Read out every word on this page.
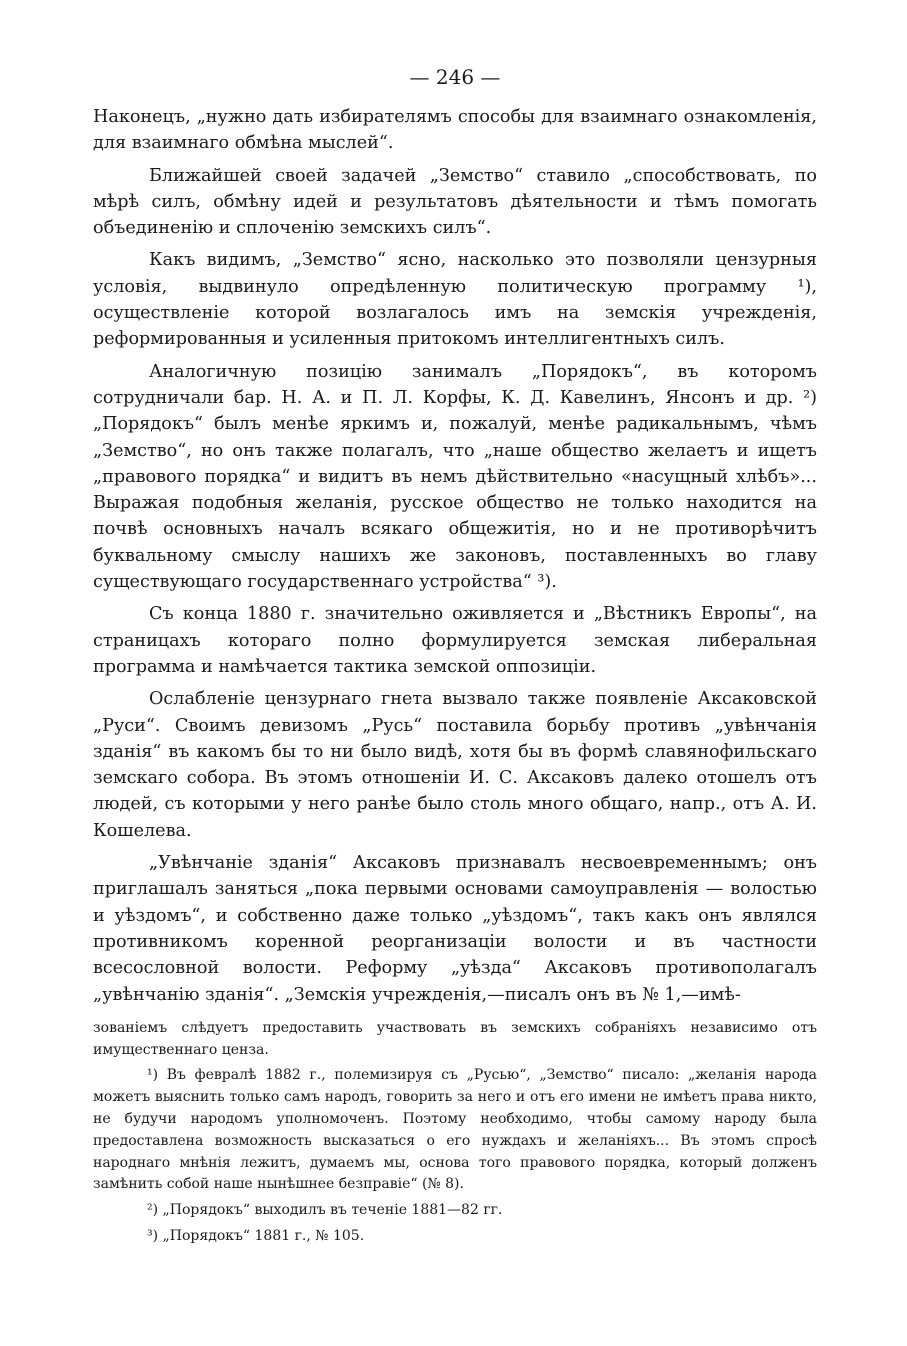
— 246 —

Наконецъ, „нужно дать избирателямъ способы для взаимнаго ознакомленія, для взаимнаго обмѣна мыслей“.

Ближайшей своей задачей „Земство“ ставило „способствовать, по мѣрѣ силъ, обмѣну идей и результатовъ дѣятельности и тѣмъ помогать объединенію и сплоченію земскихъ силъ“.

Какъ видимъ, „Земство“ ясно, насколько это позволяли цензурныя условія, выдвинуло опредѣленную политическую программу ¹), осуществленіе которой возлагалось имъ на земскія учрежденія, реформированныя и усиленныя притокомъ интеллигентныхъ силъ.

Аналогичную позицію занималъ „Порядокъ“, въ которомъ сотрудничали бар. Н. А. и П. Л. Корфы, К. Д. Кавелинъ, Янсонъ и др. ²) „Порядокъ“ былъ менѣе яркимъ и, пожалуй, менѣе радикальнымъ, чѣмъ „Земство“, но онъ также полагалъ, что „наше общество желаетъ и ищетъ „правового порядка“ и видитъ въ немъ дѣйствительно «насущный хлѣбъ»... Выражая подобныя желанія, русское общество не только находится на почвѣ основныхъ началъ всякаго общежитія, но и не противорѣчитъ буквальному смыслу нашихъ же законовъ, поставленныхъ во главу существующаго государственнаго устройства“ ³).

Съ конца 1880 г. значительно оживляется и „Вѣстникъ Европы“, на страницахъ котораго полно формулируется земская либеральная программа и намѣчается тактика земской оппозиціи.

Ослабленіе цензурнаго гнета вызвало также появленіе Аксаковской „Руси“. Своимъ девизомъ „Русь“ поставила борьбу противъ „увѣнчанія зданія“ въ какомъ бы то ни было видѣ, хотя бы въ формѣ славянофильскаго земскаго собора. Въ этомъ отношеніи И. С. Аксаковъ далеко отошелъ отъ людей, съ которыми у него ранѣе было столь много общаго, напр., отъ А. И. Кошелева.

„Увѣнчаніе зданія“ Аксаковъ признавалъ несвоевременнымъ; онъ приглашалъ заняться „пока первыми основами самоуправленія — волостью и уѣздомъ“, и собственно даже только „уѣздомъ“, такъ какъ онъ являлся противникомъ коренной реорганизаціи волости и въ частности всесословной волости. Реформу „уѣзда“ Аксаковъ противополагалъ „увѣнчанію зданія“. „Земскія учрежденія,—писалъ онъ въ № 1,—имѣ-

зованіемъ слѣдуетъ предоставить участвовать въ земскихъ собраніяхъ независимо отъ имущественнаго ценза.

¹) Въ февралѣ 1882 г., полемизируя съ „Русью“, „Земство“ писало: „желанія народа можетъ выяснить только самъ народъ, говорить за него и отъ его имени не имѣетъ права никто, не будучи народомъ уполномоченъ. Поэтому необходимо, чтобы самому народу была предоставлена возможность высказаться о его нуждахъ и желаніяхъ... Въ этомъ спросѣ народнаго мнѣнія лежитъ, думаемъ мы, основа того правового порядка, который долженъ замѣнить собой наше нынѣшнее безправіе“ (№ 8).

²) „Порядокъ“ выходилъ въ теченіе 1881—82 гг.

³) „Порядокъ“ 1881 г., № 105.
